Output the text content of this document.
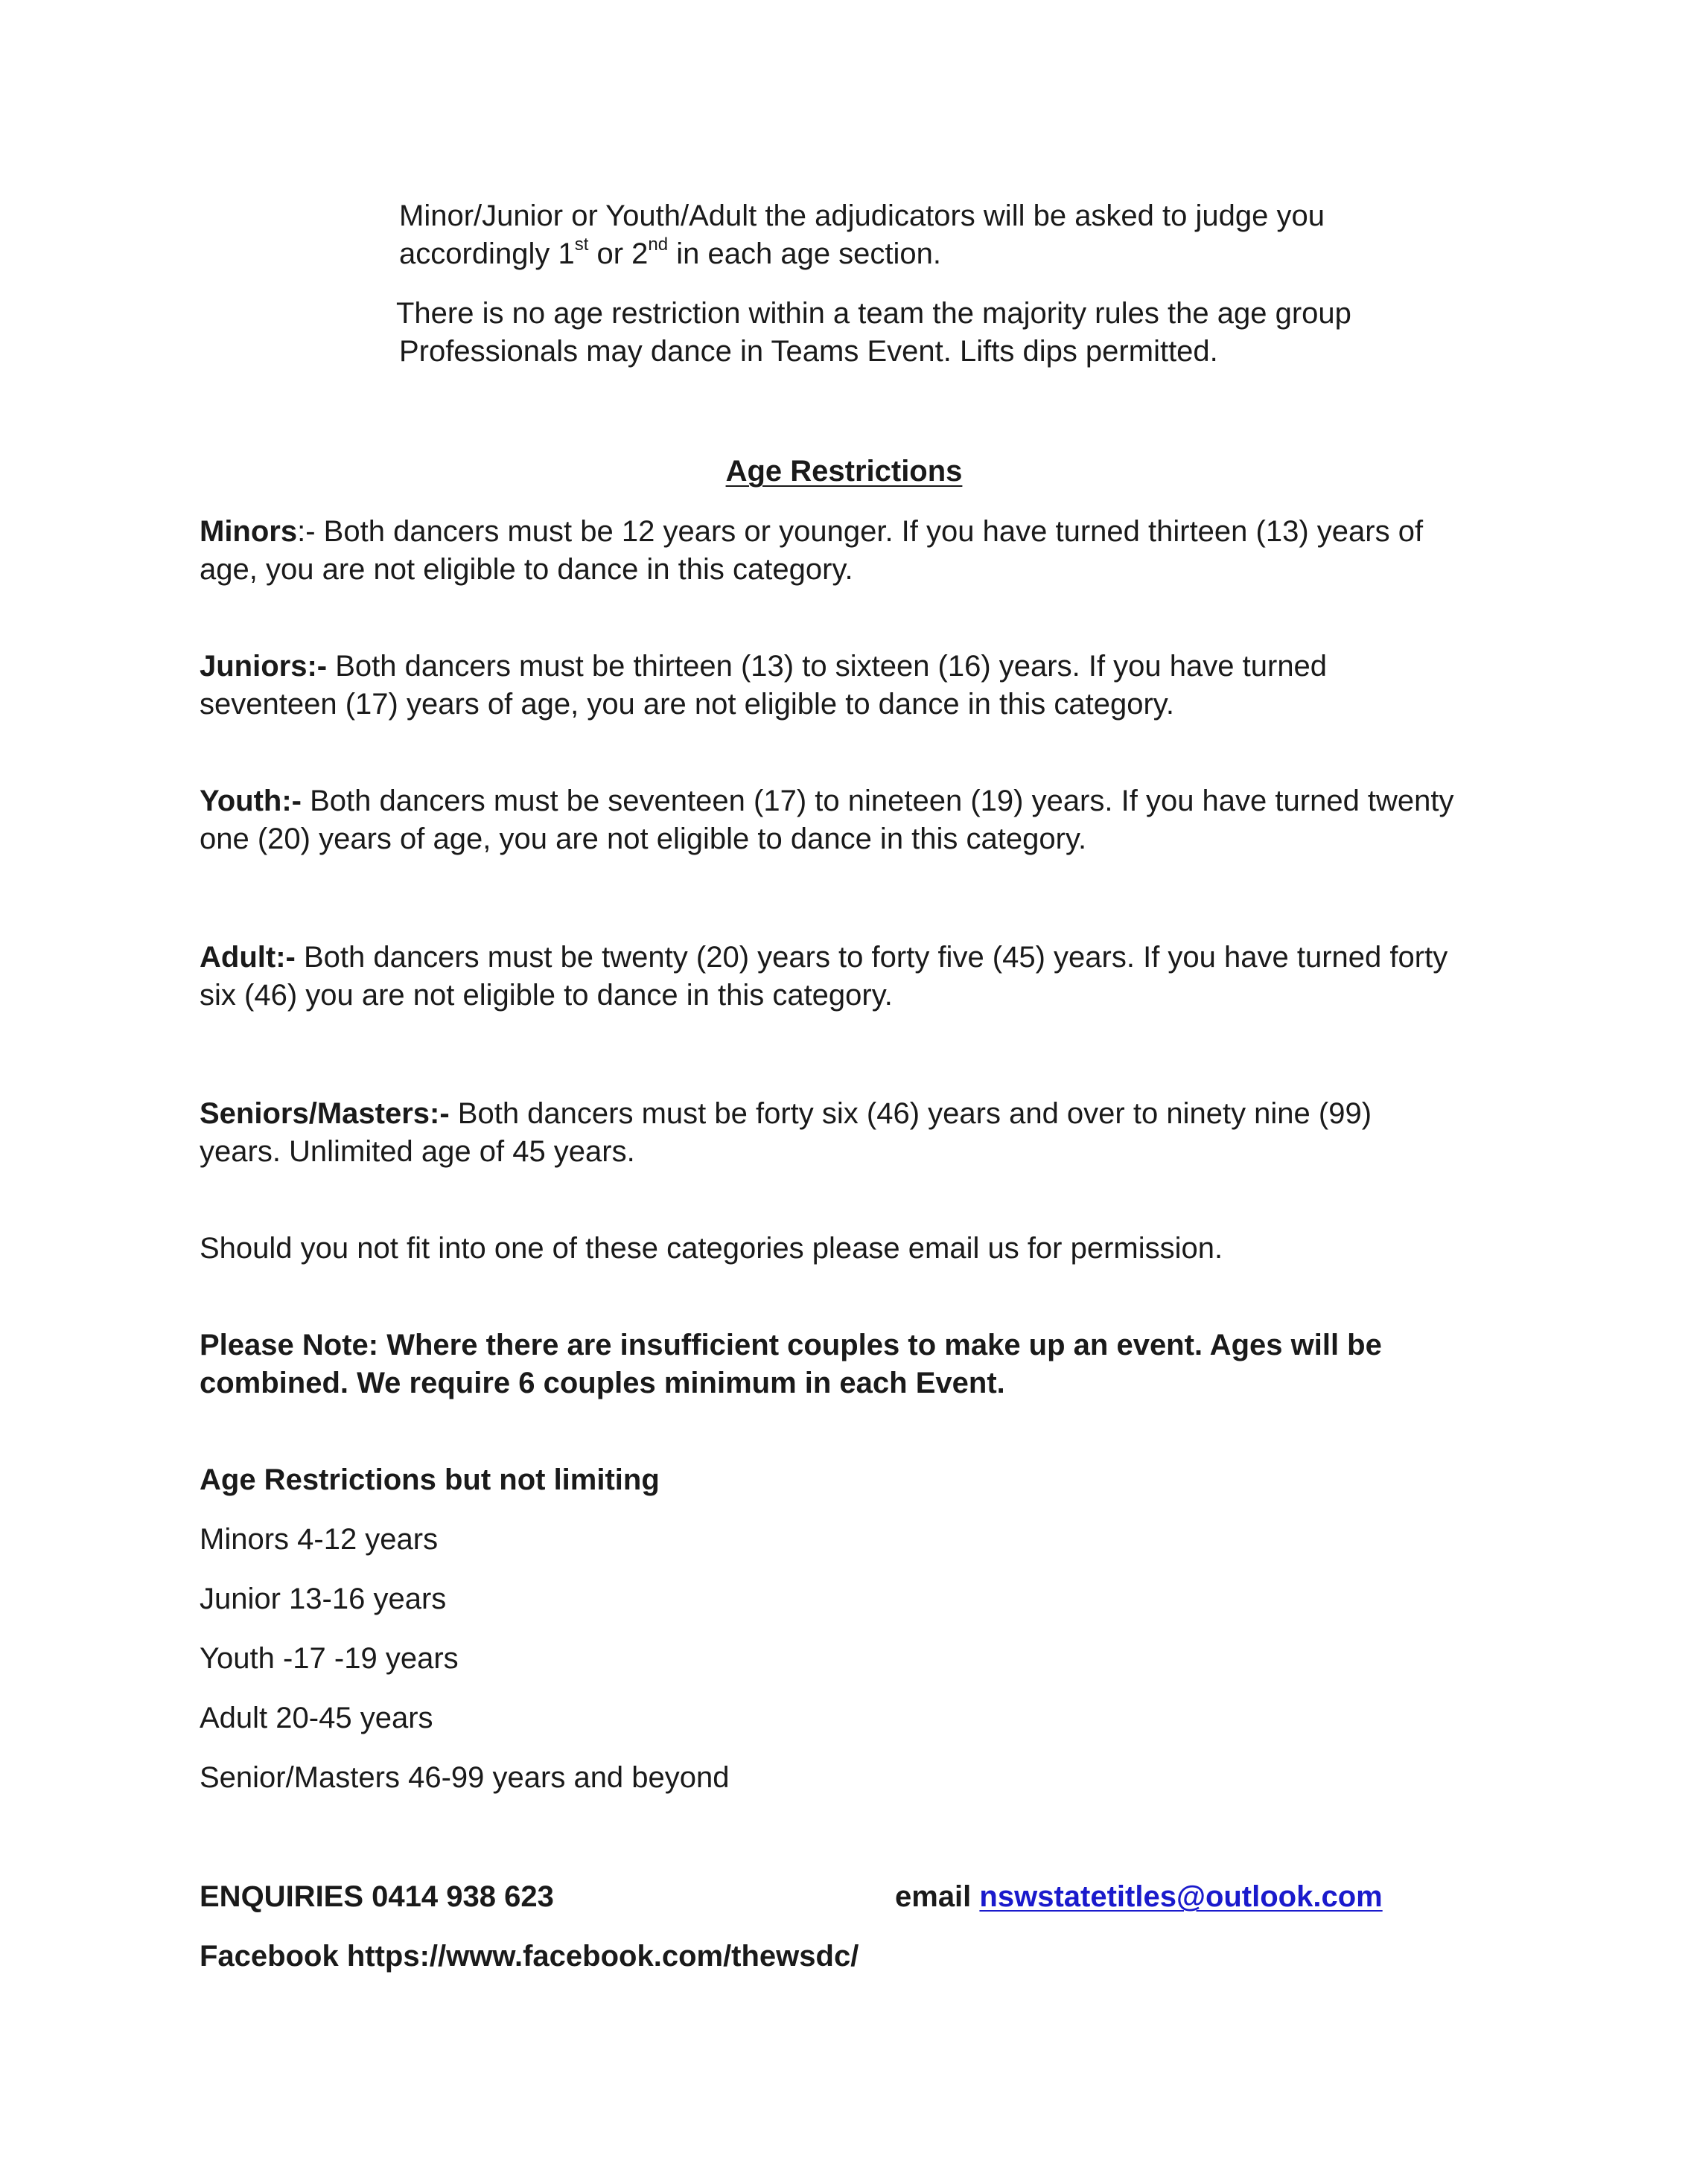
Minor/Junior or Youth/Adult the adjudicators will be asked to judge you

accordingly 1st or 2nd in each age section.

There is no age restriction within a team the majority rules the age group

Professionals may dance in Teams Event. Lifts dips permitted.

Age Restrictions

Minors:- Both dancers must be 12 years or younger. If you have turned thirteen (13) years of

age, you are not eligible to dance in this category.

Juniors:- Both dancers must be thirteen (13) to sixteen (16) years. If you have turned

seventeen (17) years of age, you are not eligible to dance in this category.

Youth:- Both dancers must be seventeen (17) to nineteen (19) years. If you have turned twenty

one (20) years of age, you are not eligible to dance in this category.

Adult:- Both dancers must be twenty (20) years to forty five (45) years. If you have turned forty

six (46) you are not eligible to dance in this category.

Seniors/Masters:- Both dancers must be forty six (46) years and over to ninety nine (99)

years. Unlimited age of 45 years.

Should you not fit into one of these categories please email us for permission.

Please Note: Where there are insufficient couples to make up an event. Ages will be

combined. We require 6 couples minimum in each Event.

Age Restrictions but not limiting
Minors 4-12 years
Junior 13-16 years
Youth -17 -19 years
Adult 20-45 years
Senior/Masters 46-99 years and beyond
ENQUIRIES 0414 938 623	email nswstatetitles@outlook.com
Facebook https://www.facebook.com/thewsdc/
